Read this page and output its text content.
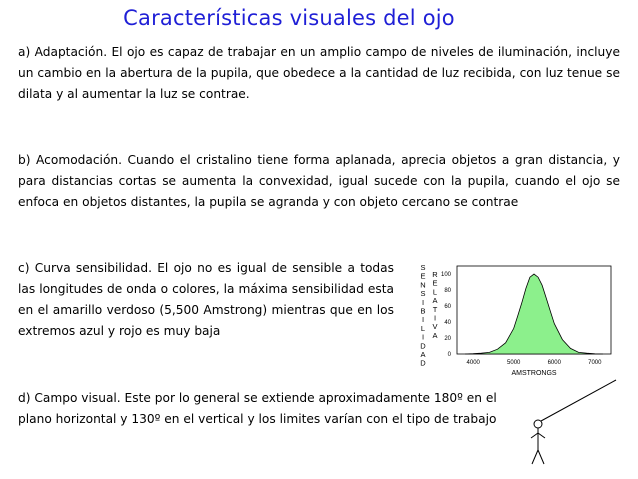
Características visuales del ojo

a) Adaptación. El ojo es capaz de trabajar en un amplio campo de niveles de iluminación, incluye un cambio en la abertura de la pupila, que obedece a la cantidad de luz recibida, con luz tenue se dilata y al aumentar la luz se contrae.

b) Acomodación. Cuando el cristalino tiene forma aplanada, aprecia objetos a gran distancia, y para distancias cortas se aumenta la convexidad, igual sucede con la pupila, cuando el ojo se enfoca en objetos distantes, la pupila se agranda y con objeto cercano se contrae

c) Curva sensibilidad. El ojo no es igual de sensible a todas las longitudes de onda o colores, la máxima sensibilidad esta en el amarillo verdoso (5,500 Amstrong) mientras que en los extremos azul y rojo es muy baja

d) Campo visual. Este por lo general se extiende aproximadamente 180º en el plano horizontal y 130º en el vertical y los limites varían con el tipo de trabajo

0
20
40
60
80
100
4000	5000	6000	7000
AMSTRONGS
S E N S I B I L I D A D
R E L A T I V A
